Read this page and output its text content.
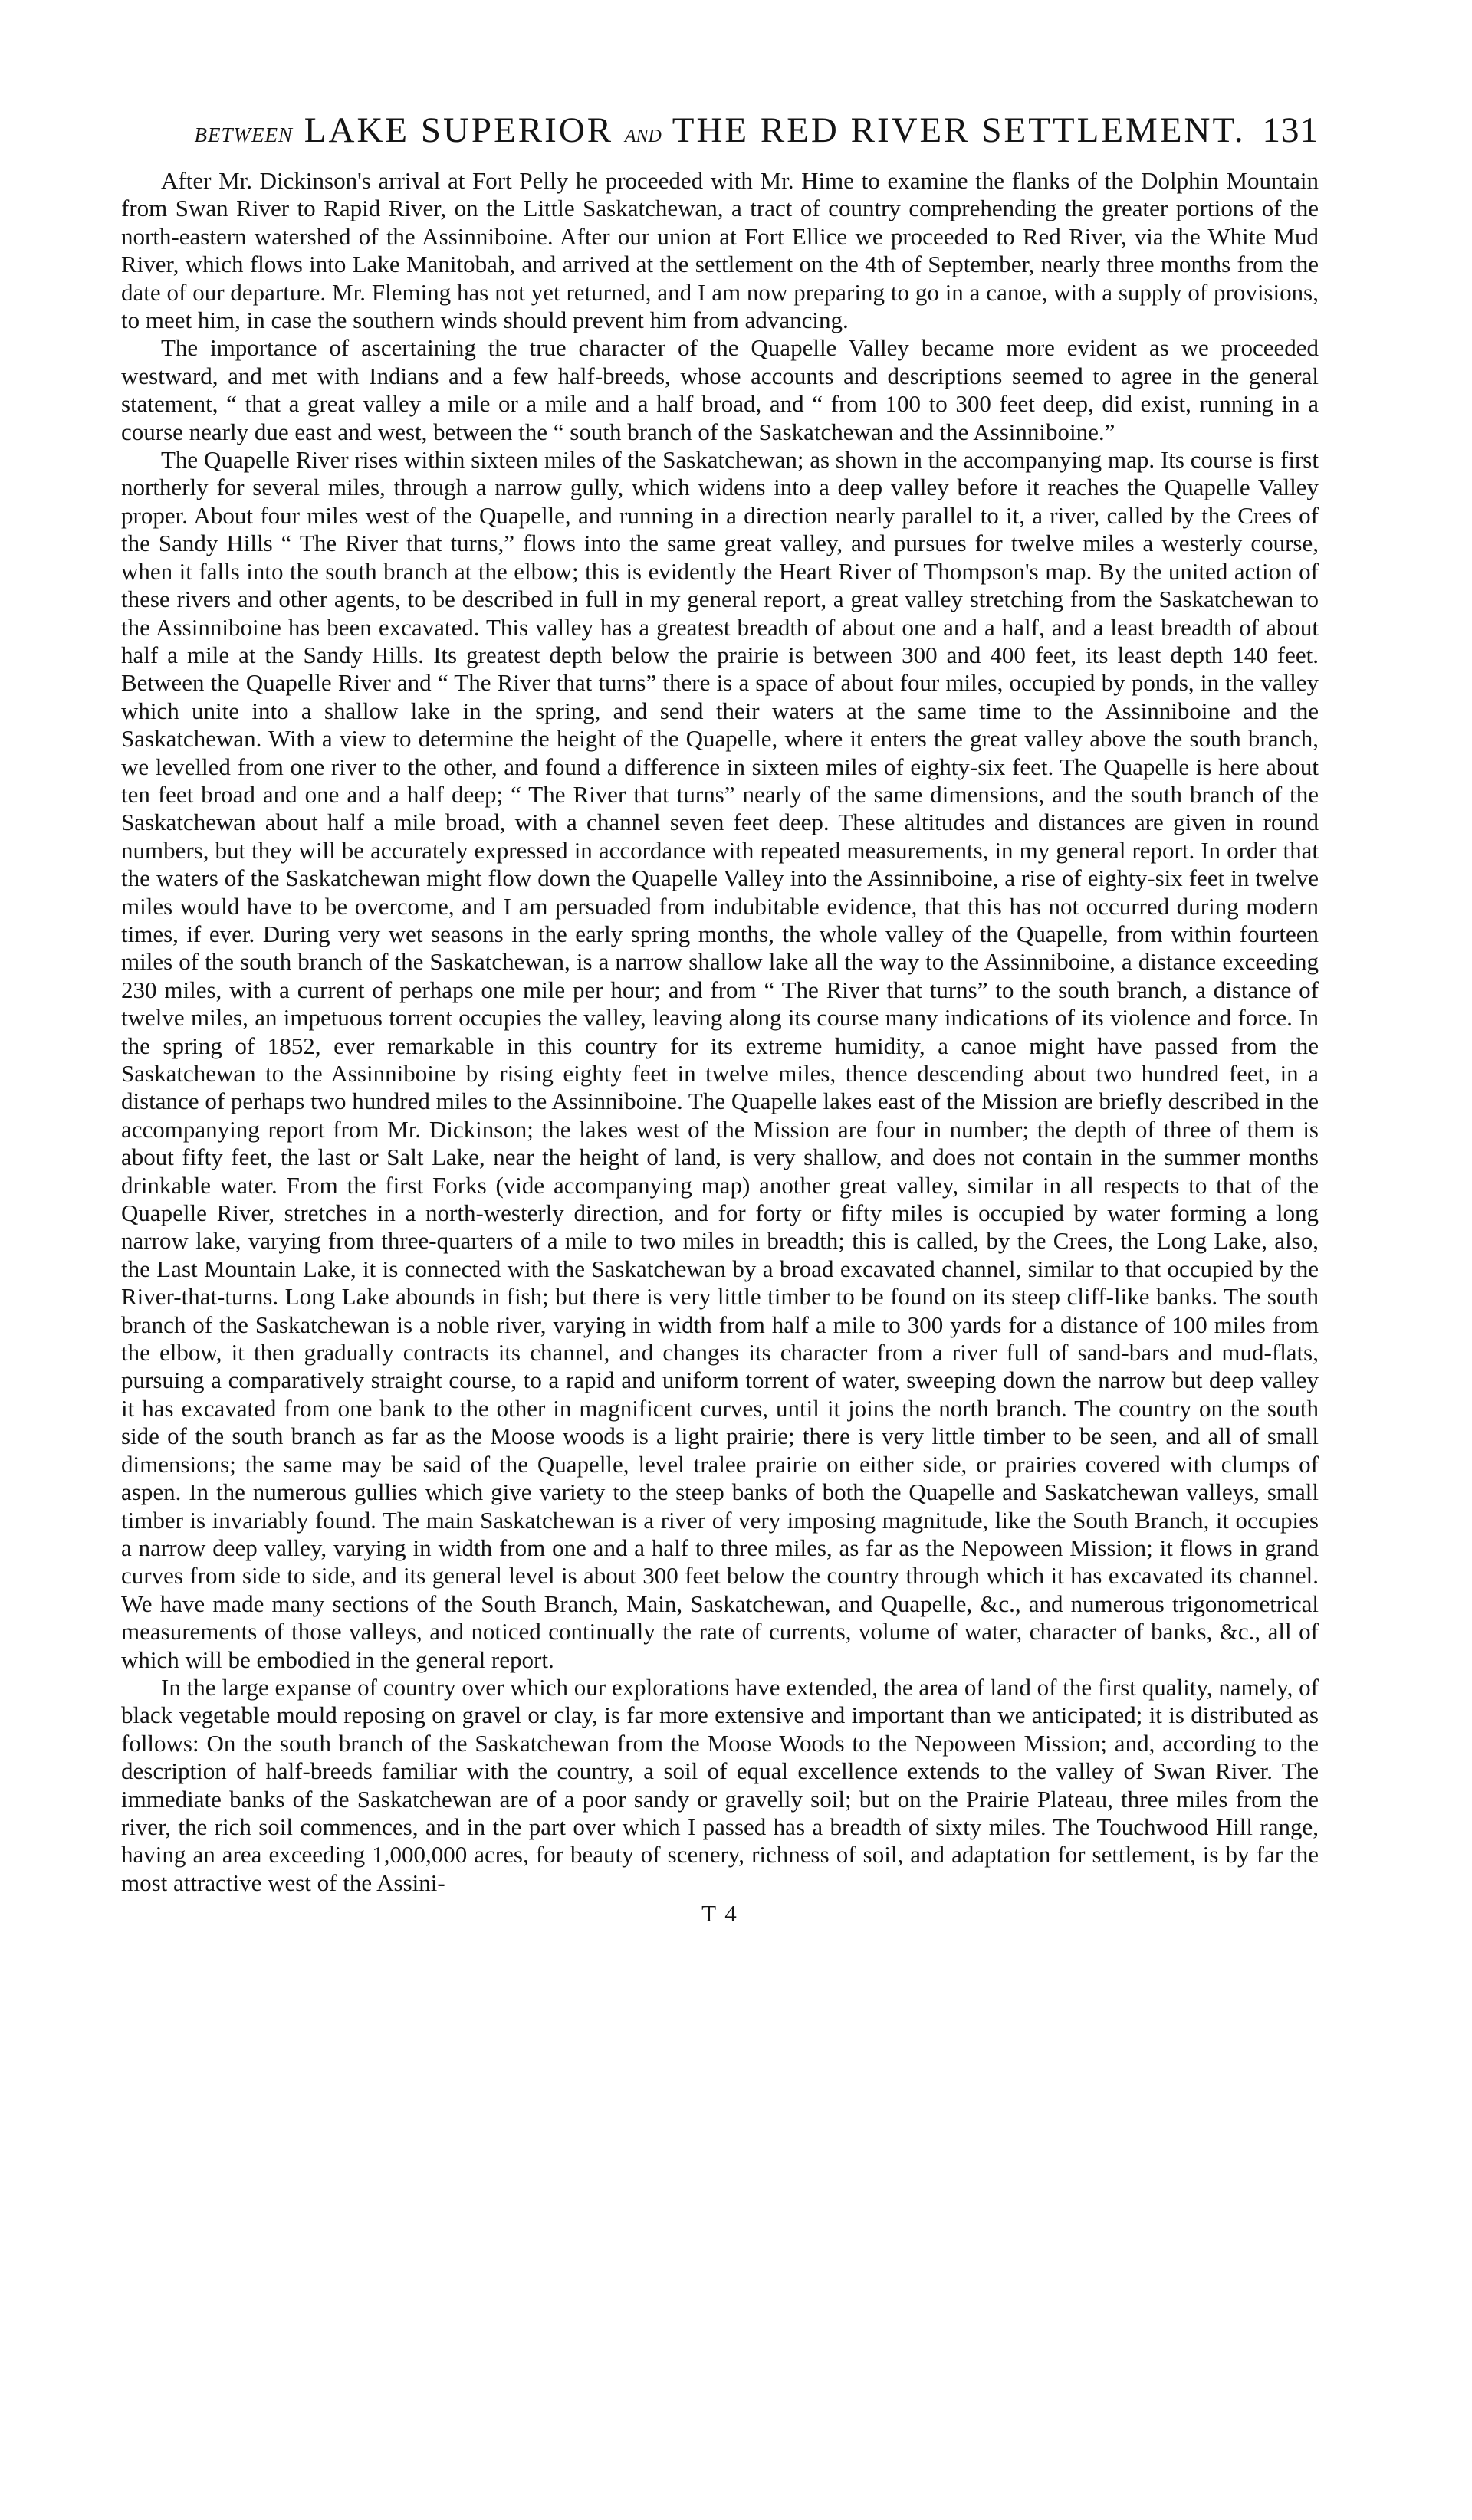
between LAKE SUPERIOR and THE RED RIVER SETTLEMENT. 131

After Mr. Dickinson's arrival at Fort Pelly he proceeded with Mr. Hime to examine the flanks of the Dolphin Mountain from Swan River to Rapid River, on the Little Saskatchewan, a tract of country comprehending the greater portions of the north-eastern watershed of the Assinniboine. After our union at Fort Ellice we proceeded to Red River, via the White Mud River, which flows into Lake Manitobah, and arrived at the settlement on the 4th of September, nearly three months from the date of our departure. Mr. Fleming has not yet returned, and I am now preparing to go in a canoe, with a supply of provisions, to meet him, in case the southern winds should prevent him from advancing.

The importance of ascertaining the true character of the Quapelle Valley became more evident as we proceeded westward, and met with Indians and a few half-breeds, whose accounts and descriptions seemed to agree in the general statement, “ that a great valley a mile or a mile and a half broad, and “ from 100 to 300 feet deep, did exist, running in a course nearly due east and west, between the “ south branch of the Saskatchewan and the Assinniboine.”

The Quapelle River rises within sixteen miles of the Saskatchewan; as shown in the accompanying map. Its course is first northerly for several miles, through a narrow gully, which widens into a deep valley before it reaches the Quapelle Valley proper. About four miles west of the Quapelle, and running in a direction nearly parallel to it, a river, called by the Crees of the Sandy Hills “ The River that turns,” flows into the same great valley, and pursues for twelve miles a westerly course, when it falls into the south branch at the elbow; this is evidently the Heart River of Thompson's map. By the united action of these rivers and other agents, to be described in full in my general report, a great valley stretching from the Saskatchewan to the Assinniboine has been excavated. This valley has a greatest breadth of about one and a half, and a least breadth of about half a mile at the Sandy Hills. Its greatest depth below the prairie is between 300 and 400 feet, its least depth 140 feet. Between the Quapelle River and “ The River that turns” there is a space of about four miles, occupied by ponds, in the valley which unite into a shallow lake in the spring, and send their waters at the same time to the Assinniboine and the Saskatchewan. With a view to determine the height of the Quapelle, where it enters the great valley above the south branch, we levelled from one river to the other, and found a difference in sixteen miles of eighty-six feet. The Quapelle is here about ten feet broad and one and a half deep; “ The River that turns” nearly of the same dimensions, and the south branch of the Saskatchewan about half a mile broad, with a channel seven feet deep. These altitudes and distances are given in round numbers, but they will be accurately expressed in accordance with repeated measurements, in my general report. In order that the waters of the Saskatchewan might flow down the Quapelle Valley into the Assinniboine, a rise of eighty-six feet in twelve miles would have to be overcome, and I am persuaded from indubitable evidence, that this has not occurred during modern times, if ever. During very wet seasons in the early spring months, the whole valley of the Quapelle, from within fourteen miles of the south branch of the Saskatchewan, is a narrow shallow lake all the way to the Assinniboine, a distance exceeding 230 miles, with a current of perhaps one mile per hour; and from “ The River that turns” to the south branch, a distance of twelve miles, an impetuous torrent occupies the valley, leaving along its course many indications of its violence and force. In the spring of 1852, ever remarkable in this country for its extreme humidity, a canoe might have passed from the Saskatchewan to the Assinniboine by rising eighty feet in twelve miles, thence descending about two hundred feet, in a distance of perhaps two hundred miles to the Assinniboine. The Quapelle lakes east of the Mission are briefly described in the accompanying report from Mr. Dickinson; the lakes west of the Mission are four in number; the depth of three of them is about fifty feet, the last or Salt Lake, near the height of land, is very shallow, and does not contain in the summer months drinkable water. From the first Forks (vide accompanying map) another great valley, similar in all respects to that of the Quapelle River, stretches in a north-westerly direction, and for forty or fifty miles is occupied by water forming a long narrow lake, varying from three-quarters of a mile to two miles in breadth; this is called, by the Crees, the Long Lake, also, the Last Mountain Lake, it is connected with the Saskatchewan by a broad excavated channel, similar to that occupied by the River-that-turns. Long Lake abounds in fish; but there is very little timber to be found on its steep cliff-like banks. The south branch of the Saskatchewan is a noble river, varying in width from half a mile to 300 yards for a distance of 100 miles from the elbow, it then gradually contracts its channel, and changes its character from a river full of sand-bars and mud-flats, pursuing a comparatively straight course, to a rapid and uniform torrent of water, sweeping down the narrow but deep valley it has excavated from one bank to the other in magnificent curves, until it joins the north branch. The country on the south side of the south branch as far as the Moose woods is a light prairie; there is very little timber to be seen, and all of small dimensions; the same may be said of the Quapelle, level tralee prairie on either side, or prairies covered with clumps of aspen. In the numerous gullies which give variety to the steep banks of both the Quapelle and Saskatchewan valleys, small timber is invariably found. The main Saskatchewan is a river of very imposing magnitude, like the South Branch, it occupies a narrow deep valley, varying in width from one and a half to three miles, as far as the Nepoween Mission; it flows in grand curves from side to side, and its general level is about 300 feet below the country through which it has excavated its channel. We have made many sections of the South Branch, Main, Saskatchewan, and Quapelle, &c., and numerous trigonometrical measurements of those valleys, and noticed continually the rate of currents, volume of water, character of banks, &c., all of which will be embodied in the general report.

In the large expanse of country over which our explorations have extended, the area of land of the first quality, namely, of black vegetable mould reposing on gravel or clay, is far more extensive and important than we anticipated; it is distributed as follows: On the south branch of the Saskatchewan from the Moose Woods to the Nepoween Mission; and, according to the description of half-breeds familiar with the country, a soil of equal excellence extends to the valley of Swan River. The immediate banks of the Saskatchewan are of a poor sandy or gravelly soil; but on the Prairie Plateau, three miles from the river, the rich soil commences, and in the part over which I passed has a breadth of sixty miles. The Touchwood Hill range, having an area exceeding 1,000,000 acres, for beauty of scenery, richness of soil, and adaptation for settlement, is by far the most attractive west of the Assini-

T 4
